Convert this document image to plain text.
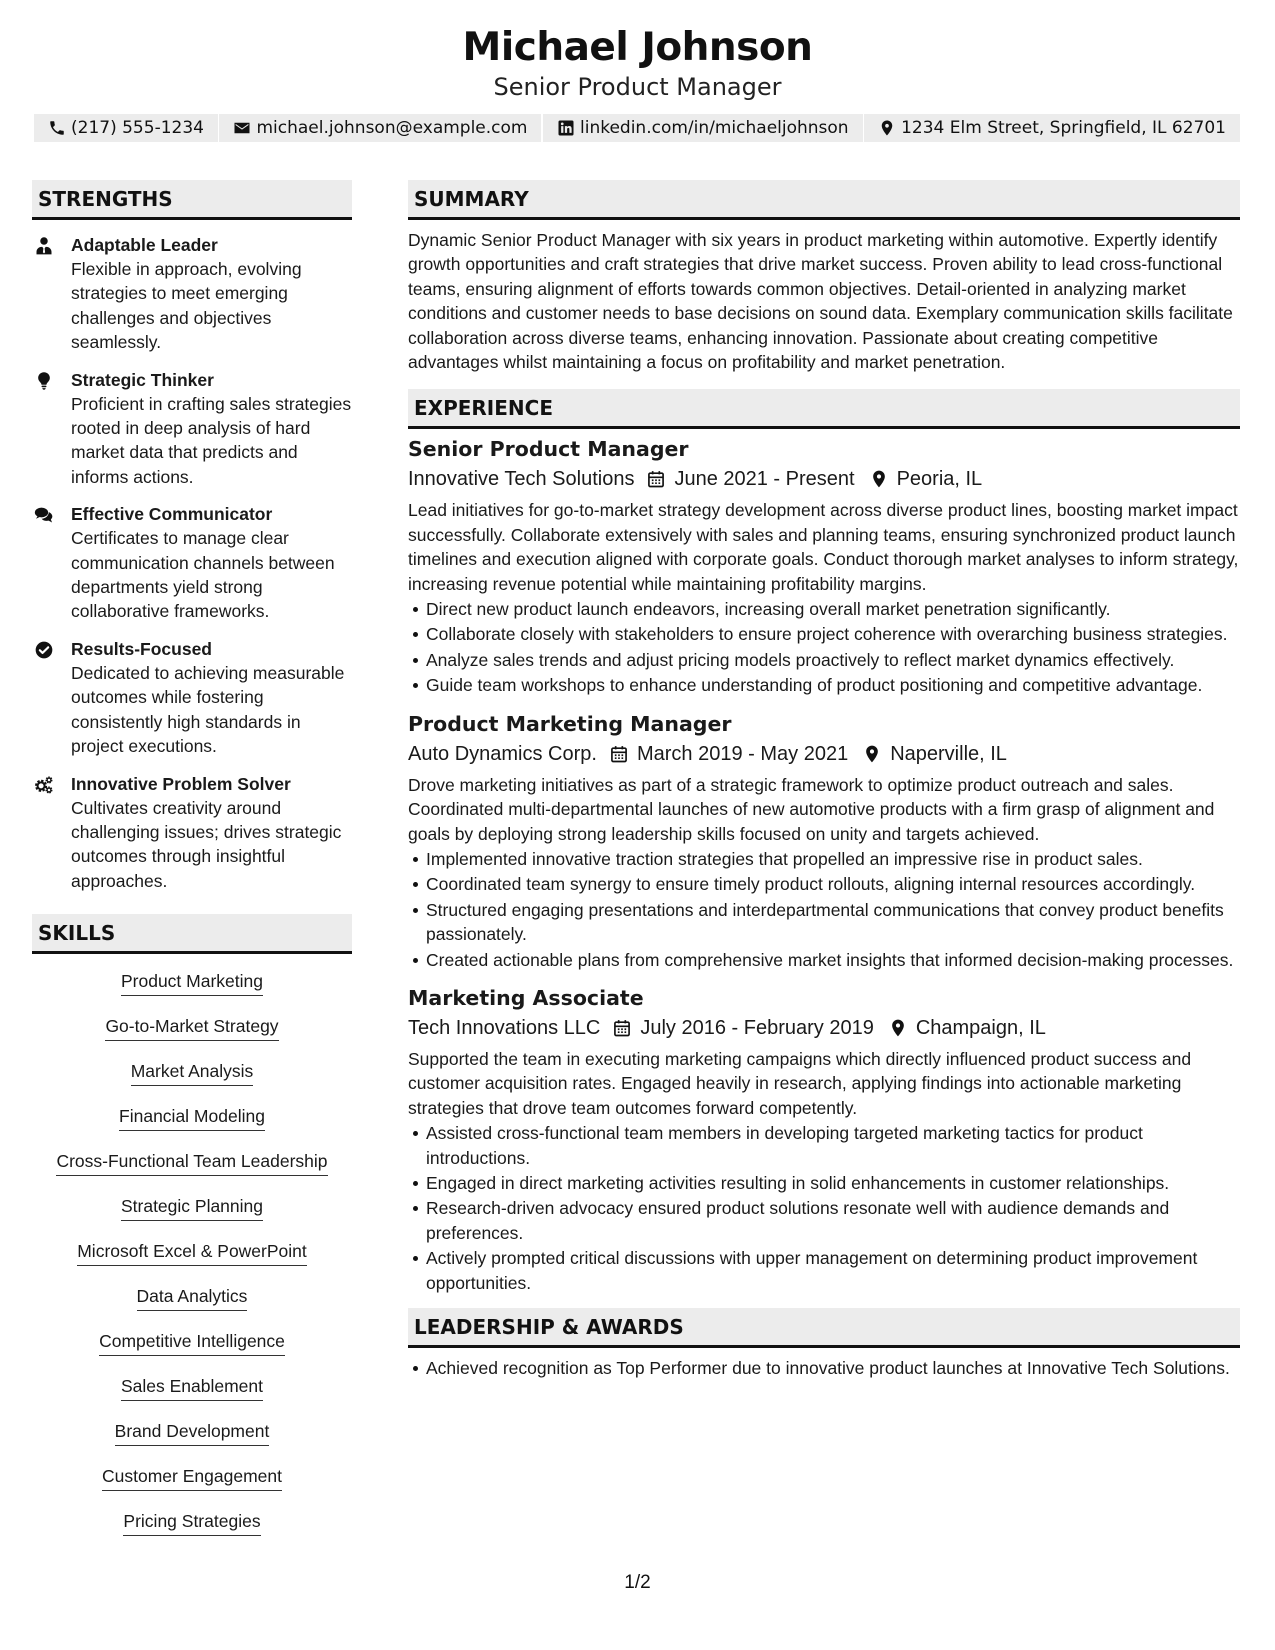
Michael Johnson
Senior Product Manager
(217) 555-1234	michael.johnson@example.com	linkedin.com/in/michaeljohnson	1234 Elm Street, Springfield, IL 62701
STRENGTHS
Adaptable Leader
Flexible in approach, evolving strategies to meet emerging challenges and objectives seamlessly.
Strategic Thinker
Proficient in crafting sales strategies rooted in deep analysis of hard market data that predicts and informs actions.
Effective Communicator
Certificates to manage clear communication channels between departments yield strong collaborative frameworks.
Results-Focused
Dedicated to achieving measurable outcomes while fostering consistently high standards in project executions.
Innovative Problem Solver
Cultivates creativity around challenging issues; drives strategic outcomes through insightful approaches.
SKILLS
Product Marketing
Go-to-Market Strategy
Market Analysis
Financial Modeling
Cross-Functional Team Leadership
Strategic Planning
Microsoft Excel & PowerPoint
Data Analytics
Competitive Intelligence
Sales Enablement
Brand Development
Customer Engagement
Pricing Strategies
SUMMARY
Dynamic Senior Product Manager with six years in product marketing within automotive. Expertly identify growth opportunities and craft strategies that drive market success. Proven ability to lead cross-functional teams, ensuring alignment of efforts towards common objectives. Detail-oriented in analyzing market conditions and customer needs to base decisions on sound data. Exemplary communication skills facilitate collaboration across diverse teams, enhancing innovation. Passionate about creating competitive advantages whilst maintaining a focus on profitability and market penetration.
EXPERIENCE
Senior Product Manager
Innovative Tech Solutions June 2021 - Present Peoria, IL
Lead initiatives for go-to-market strategy development across diverse product lines, boosting market impact successfully. Collaborate extensively with sales and planning teams, ensuring synchronized product launch timelines and execution aligned with corporate goals. Conduct thorough market analyses to inform strategy, increasing revenue potential while maintaining profitability margins.
Direct new product launch endeavors, increasing overall market penetration significantly.
Collaborate closely with stakeholders to ensure project coherence with overarching business strategies.
Analyze sales trends and adjust pricing models proactively to reflect market dynamics effectively.
Guide team workshops to enhance understanding of product positioning and competitive advantage.
Product Marketing Manager
Auto Dynamics Corp. March 2019 - May 2021 Naperville, IL
Drove marketing initiatives as part of a strategic framework to optimize product outreach and sales. Coordinated multi-departmental launches of new automotive products with a firm grasp of alignment and goals by deploying strong leadership skills focused on unity and targets achieved.
Implemented innovative traction strategies that propelled an impressive rise in product sales.
Coordinated team synergy to ensure timely product rollouts, aligning internal resources accordingly.
Structured engaging presentations and interdepartmental communications that convey product benefits passionately.
Created actionable plans from comprehensive market insights that informed decision-making processes.
Marketing Associate
Tech Innovations LLC July 2016 - February 2019 Champaign, IL
Supported the team in executing marketing campaigns which directly influenced product success and customer acquisition rates. Engaged heavily in research, applying findings into actionable marketing strategies that drove team outcomes forward competently.
Assisted cross-functional team members in developing targeted marketing tactics for product introductions.
Engaged in direct marketing activities resulting in solid enhancements in customer relationships.
Research-driven advocacy ensured product solutions resonate well with audience demands and preferences.
Actively prompted critical discussions with upper management on determining product improvement opportunities.
LEADERSHIP & AWARDS
Achieved recognition as Top Performer due to innovative product launches at Innovative Tech Solutions.
1/2
